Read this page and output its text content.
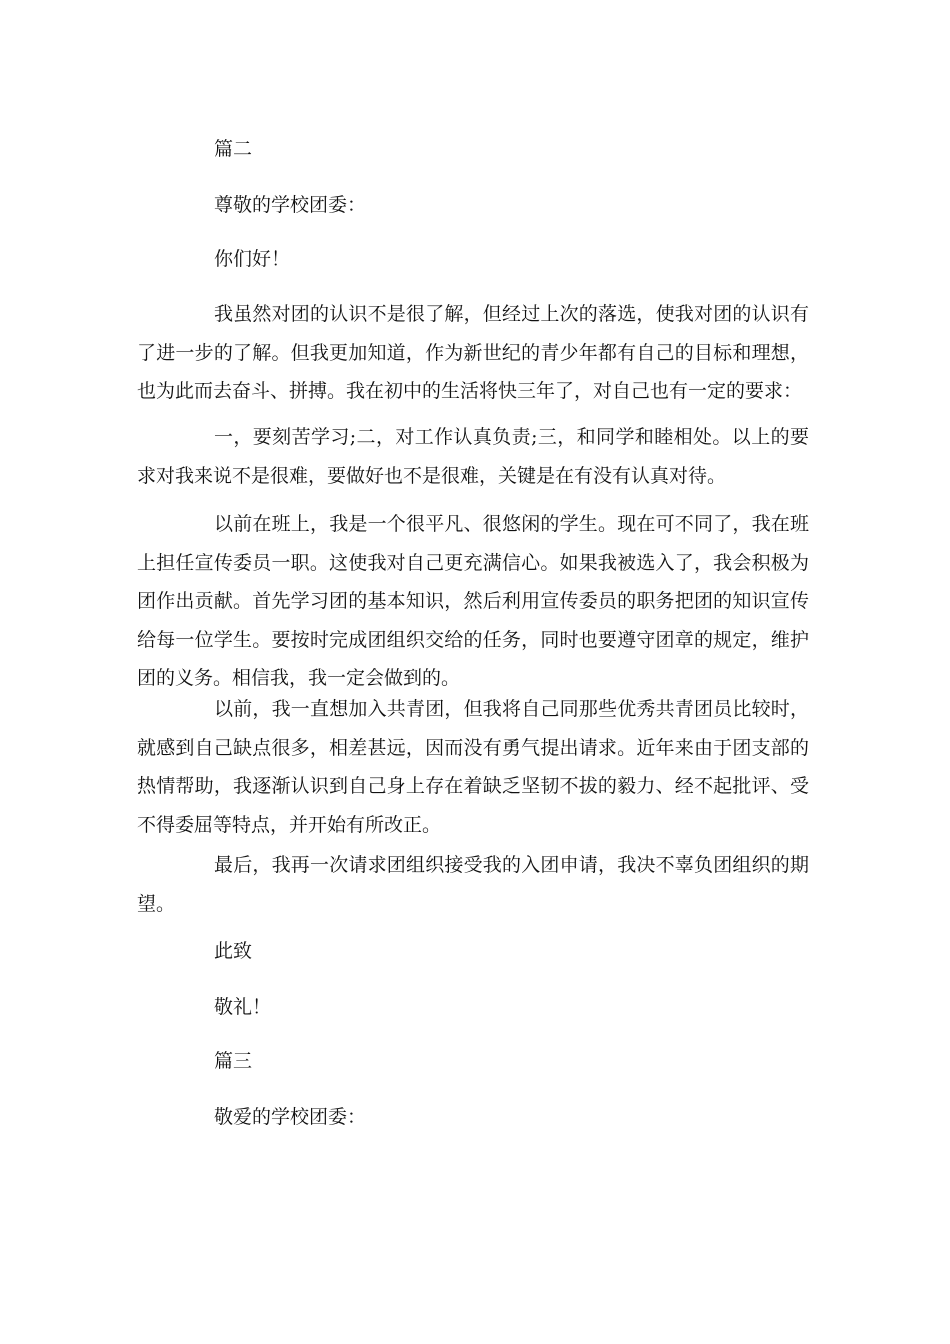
篇二
尊敬的学校团委：
你们好！

我虽然对团的认识不是很了解，但经过上次的落选，使我对团的认识有了进一步的了解。但我更加知道，作为新世纪的青少年都有自己的目标和理想，也为此而去奋斗、拼搏。我在初中的生活将快三年了，对自己也有一定的要求：

一，要刻苦学习;二，对工作认真负责;三，和同学和睦相处。以上的要求对我来说不是很难，要做好也不是很难，关键是在有没有认真对待。

以前在班上，我是一个很平凡、很悠闲的学生。现在可不同了，我在班上担任宣传委员一职。这使我对自己更充满信心。如果我被选入了，我会积极为团作出贡献。首先学习团的基本知识，然后利用宣传委员的职务把团的知识宣传给每一位学生。要按时完成团组织交给的任务，同时也要遵守团章的规定，维护团的义务。相信我，我一定会做到的。

以前，我一直想加入共青团，但我将自己同那些优秀共青团员比较时，就感到自己缺点很多，相差甚远，因而没有勇气提出请求。近年来由于团支部的热情帮助，我逐渐认识到自己身上存在着缺乏坚韧不拔的毅力、经不起批评、受不得委屈等特点，并开始有所改正。

最后，我再一次请求团组织接受我的入团申请，我决不辜负团组织的期望。

此致
敬礼！
篇三
敬爱的学校团委：
